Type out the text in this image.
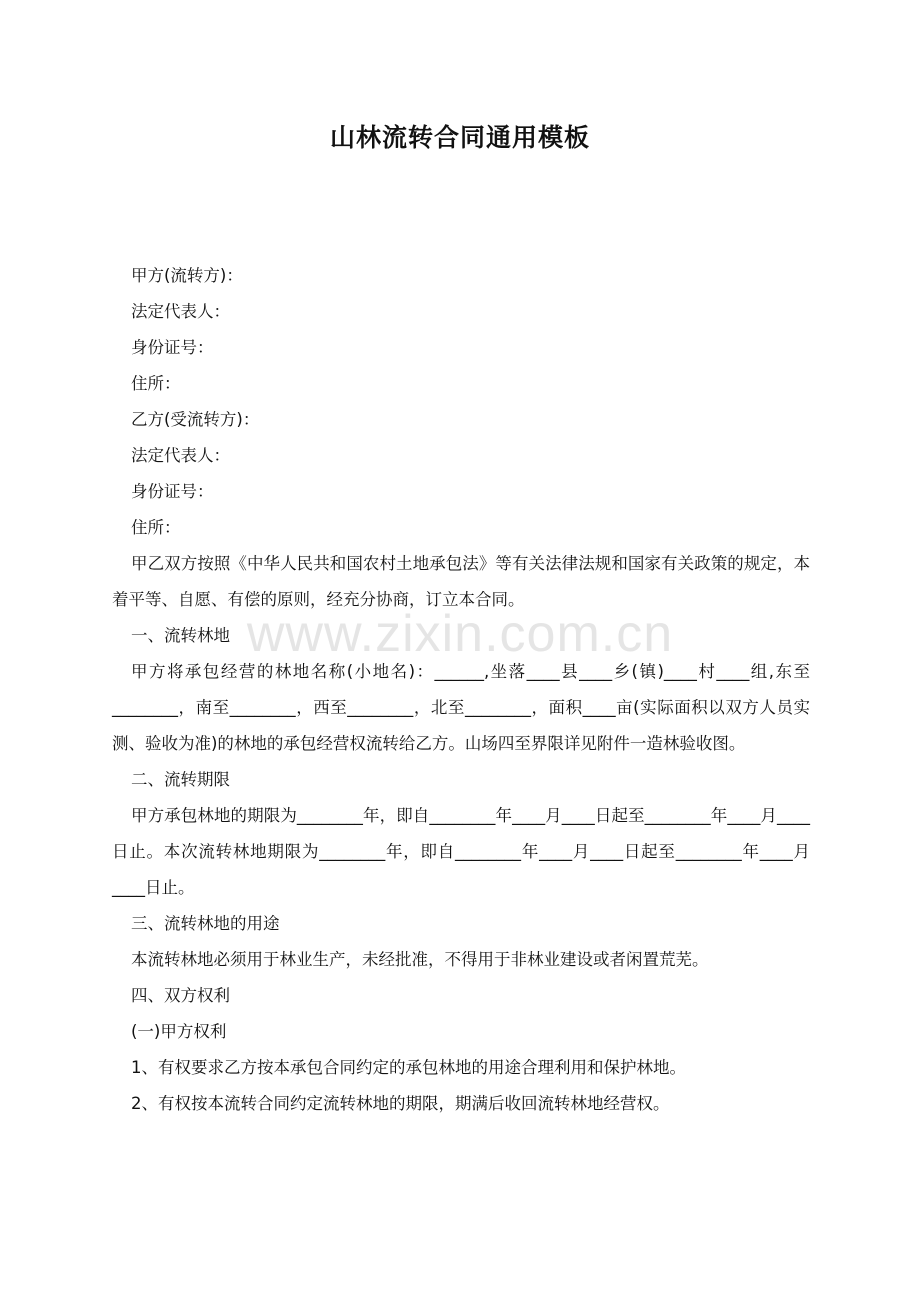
山林流转合同通用模板
www.zixin.com.cn

甲方(流转方)：

法定代表人：

身份证号：

住所：

乙方(受流转方)：

法定代表人：

身份证号：

住所：

甲乙双方按照《中华人民共和国农村土地承包法》等有关法律法规和国家有关政策的规定，本着平等、自愿、有偿的原则，经充分协商，订立本合同。

一、流转林地

甲方将承包经营的林地名称(小地名)：______,坐落____县____乡(镇)____村____组,东至________，南至________，西至________，北至________，面积____亩(实际面积以双方人员实测、验收为准)的林地的承包经营权流转给乙方。山场四至界限详见附件一造林验收图。

二、流转期限

甲方承包林地的期限为________年，即自________年____月____日起至________年____月____日止。本次流转林地期限为________年，即自________年____月____日起至________年____月____日止。

三、流转林地的用途

本流转林地必须用于林业生产，未经批准，不得用于非林业建设或者闲置荒芜。

四、双方权利

(一)甲方权利

1、有权要求乙方按本承包合同约定的承包林地的用途合理利用和保护林地。

2、有权按本流转合同约定流转林地的期限，期满后收回流转林地经营权。
